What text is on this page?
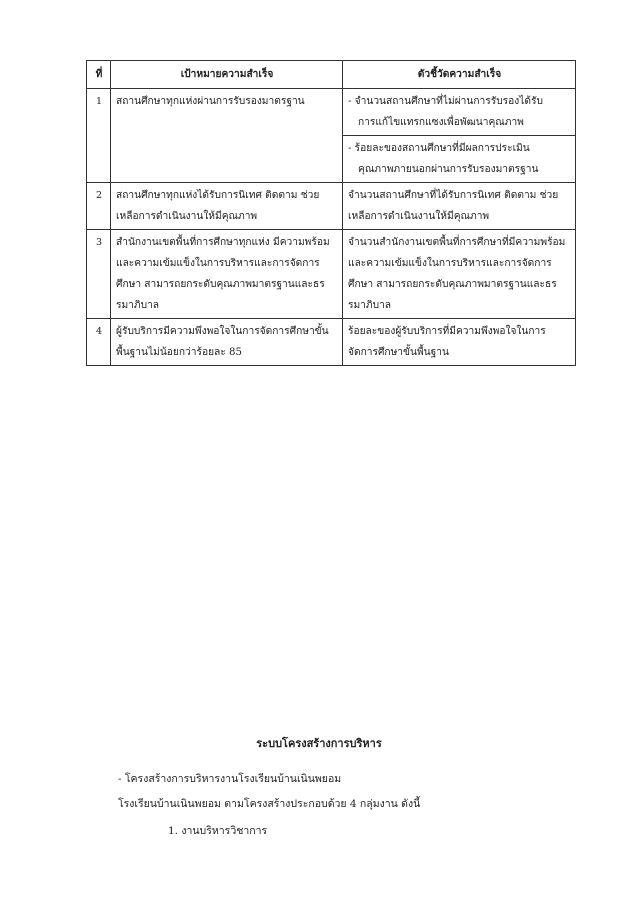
ที่	เป้าหมายความสำเร็จ	ตัวชี้วัดความสำเร็จ
1	สถานศึกษาทุกแห่งผ่านการรับรองมาตรฐาน	- จำนวนสถานศึกษาที่ไม่ผ่านการรับรองได้รับ
การแก้ไขแทรกแซงเพื่อพัฒนาคุณภาพ
- ร้อยละของสถานศึกษาที่มีผลการประเมิน
คุณภาพภายนอกผ่านการรับรองมาตรฐาน

2	สถานศึกษาทุกแห่งได้รับการนิเทศ ติดตาม ช่วยเหลือการดำเนินงานให้มีคุณภาพ	จำนวนสถานศึกษาที่ได้รับการนิเทศ ติดตาม ช่วยเหลือการดำเนินงานให้มีคุณภาพ
3	สำนักงานเขตพื้นที่การศึกษาทุกแห่ง มีความพร้อมและความเข้มแข็งในการบริหารและการจัดการศึกษา สามารถยกระดับคุณภาพมาตรฐานและธรรมาภิบาล	จำนวนสำนักงานเขตพื้นที่การศึกษาที่มีความพร้อมและความเข้มแข็งในการบริหารและการจัดการศึกษา สามารถยกระดับคุณภาพมาตรฐานและธรรมาภิบาล
4	ผู้รับบริการมีความพึงพอใจในการจัดการศึกษาขั้นพื้นฐานไม่น้อยกว่าร้อยละ 85	ร้อยละของผู้รับบริการที่มีความพึงพอใจในการจัดการศึกษาขั้นพื้นฐาน
ระบบโครงสร้างการบริหาร

- โครงสร้างการบริหารงานโรงเรียนบ้านเนินพยอม

โรงเรียนบ้านเนินพยอม ตามโครงสร้างประกอบด้วย 4 กลุ่มงาน ดังนี้

1. งานบริหารวิชาการ
